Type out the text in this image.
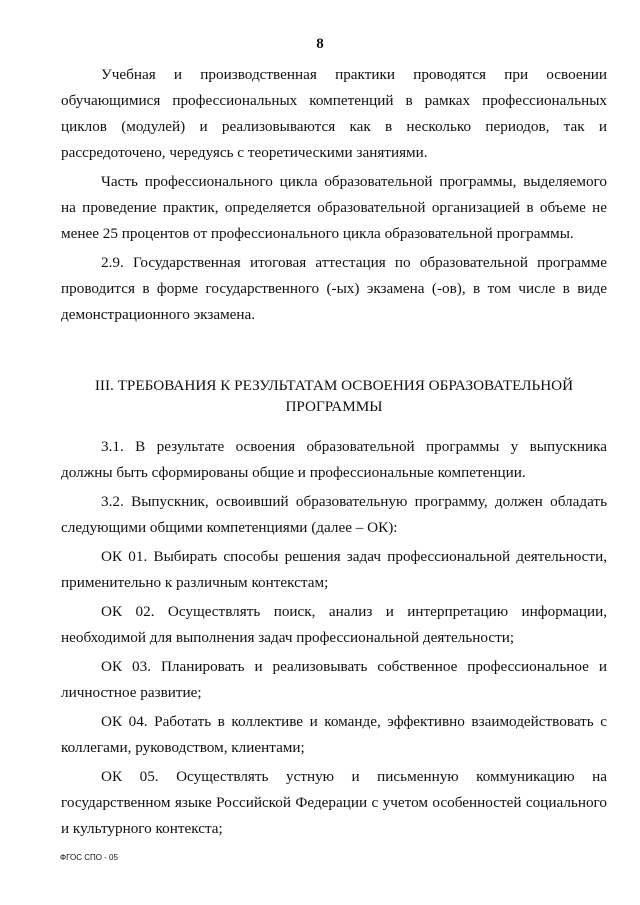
8

Учебная и производственная практики проводятся при освоении обучающимися профессиональных компетенций в рамках профессиональных циклов (модулей) и реализовываются как в несколько периодов, так и рассредоточено, чередуясь с теоретическими занятиями.

Часть профессионального цикла образовательной программы, выделяемого на проведение практик, определяется образовательной организацией в объеме не менее 25 процентов от профессионального цикла образовательной программы.

2.9. Государственная итоговая аттестация по образовательной программе проводится в форме государственного (-ых) экзамена (-ов), в том числе в виде демонстрационного экзамена.

III. ТРЕБОВАНИЯ К РЕЗУЛЬТАТАМ ОСВОЕНИЯ ОБРАЗОВАТЕЛЬНОЙ
ПРОГРАММЫ

3.1. В результате освоения образовательной программы у выпускника должны быть сформированы общие и профессиональные компетенции.

3.2. Выпускник, освоивший образовательную программу, должен обладать следующими общими компетенциями (далее – ОК):

ОК 01. Выбирать способы решения задач профессиональной деятельности, применительно к различным контекстам;

ОК 02. Осуществлять поиск, анализ и интерпретацию информации, необходимой для выполнения задач профессиональной деятельности;

ОК 03. Планировать и реализовывать собственное профессиональное и личностное развитие;

ОК 04. Работать в коллективе и команде, эффективно взаимодействовать с коллегами, руководством, клиентами;

ОК 05. Осуществлять устную и письменную коммуникацию на государственном языке Российской Федерации с учетом особенностей социального и культурного контекста;

ФГОС СПО - 05
